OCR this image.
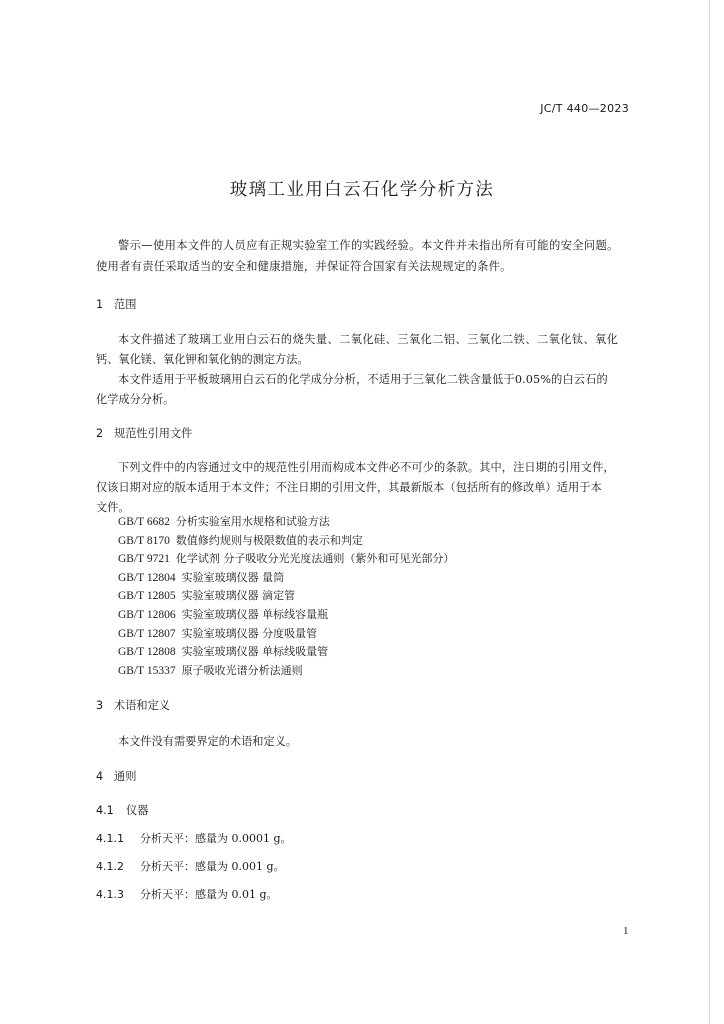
JC/T 440—2023
玻璃工业用白云石化学分析方法
警示—使用本文件的人员应有正规实验室工作的实践经验。本文件并未指出所有可能的安全问题。
使用者有责任采取适当的安全和健康措施，并保证符合国家有关法规规定的条件。
1 范围
本文件描述了玻璃工业用白云石的烧失量、二氧化硅、三氧化二铝、三氧化二铁、二氧化钛、氧化
钙、氧化镁、氧化钾和氧化钠的测定方法。
本文件适用于平板玻璃用白云石的化学成分分析，不适用于三氧化二铁含量低于0.05%的白云石的
化学成分分析。
2 规范性引用文件
下列文件中的内容通过文中的规范性引用而构成本文件必不可少的条款。其中，注日期的引用文件，
仅该日期对应的版本适用于本文件；不注日期的引用文件，其最新版本（包括所有的修改单）适用于本
文件。
GB/T 6682 分析实验室用水规格和试验方法
GB/T 8170 数值修约规则与极限数值的表示和判定
GB/T 9721 化学试剂 分子吸收分光光度法通则（紫外和可见光部分）
GB/T 12804 实验室玻璃仪器 量筒
GB/T 12805 实验室玻璃仪器 滴定管
GB/T 12806 实验室玻璃仪器 单标线容量瓶
GB/T 12807 实验室玻璃仪器 分度吸量管
GB/T 12808 实验室玻璃仪器 单标线吸量管
GB/T 15337 原子吸收光谱分析法通则
3 术语和定义
本文件没有需要界定的术语和定义。
4 通则
4.1 仪器
4.1.1 分析天平：感量为 0.0001 g。
4.1.2 分析天平：感量为 0.001 g。
4.1.3 分析天平：感量为 0.01 g。
1
